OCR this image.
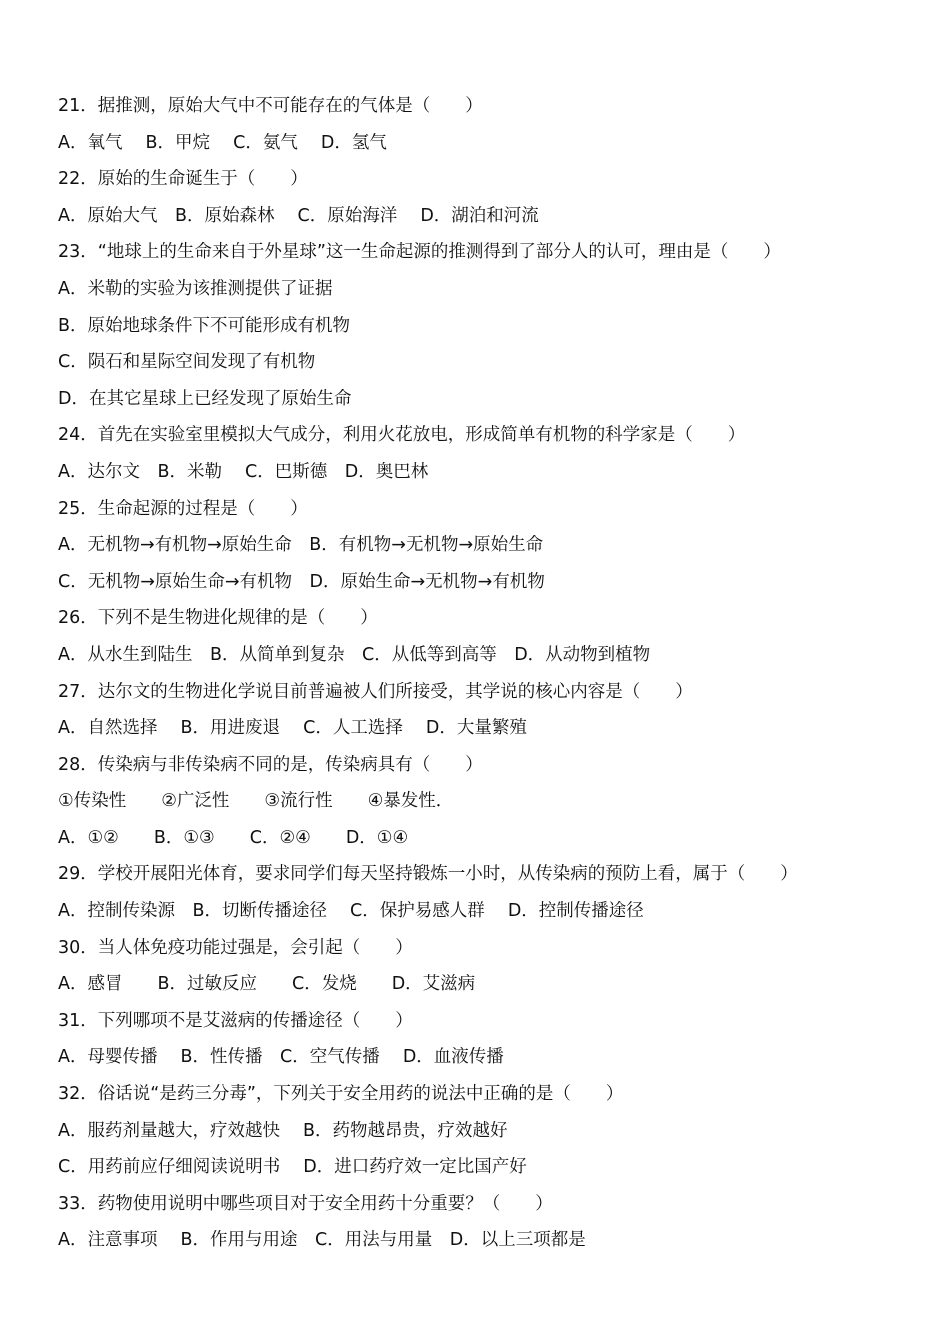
21．据推测，原始大气中不可能存在的气体是（　　）
A．氧气　 B．甲烷　 C．氨气　 D．氢气
22．原始的生命诞生于（　　）
A．原始大气　B．原始森林　 C．原始海洋　 D．湖泊和河流
23．“地球上的生命来自于外星球”这一生命起源的推测得到了部分人的认可，理由是（　　）
A．米勒的实验为该推测提供了证据
B．原始地球条件下不可能形成有机物
C．陨石和星际空间发现了有机物
D．在其它星球上已经发现了原始生命
24．首先在实验室里模拟大气成分，利用火花放电，形成简单有机物的科学家是（　　）
A．达尔文　B．米勒　 C．巴斯德　D．奥巴林
25．生命起源的过程是（　　）
A．无机物→有机物→原始生命　B．有机物→无机物→原始生命
C．无机物→原始生命→有机物　D．原始生命→无机物→有机物
26．下列不是生物进化规律的是（　　）
A．从水生到陆生　B．从简单到复杂　C．从低等到高等　D．从动物到植物
27．达尔文的生物进化学说目前普遍被人们所接受，其学说的核心内容是（　　）
A．自然选择　 B．用进废退　 C．人工选择　 D．大量繁殖
28．传染病与非传染病不同的是，传染病具有（　　）
①传染性　　②广泛性　　③流行性　　④暴发性．
A．①②　　B．①③　　C．②④　　D．①④
29．学校开展阳光体育，要求同学们每天坚持锻炼一小时，从传染病的预防上看，属于（　　）
A．控制传染源　B．切断传播途径　 C．保护易感人群　 D．控制传播途径
30．当人体免疫功能过强是，会引起（　　）
A．感冒　　B．过敏反应　　C．发烧　　D．艾滋病
31．下列哪项不是艾滋病的传播途径（　　）
A．母婴传播　 B．性传播　C．空气传播　 D．血液传播
32．俗话说“是药三分毒”，下列关于安全用药的说法中正确的是（　　）
A．服药剂量越大，疗效越快　 B．药物越昂贵，疗效越好
C．用药前应仔细阅读说明书　 D．进口药疗效一定比国产好
33．药物使用说明中哪些项目对于安全用药十分重要？（　　）
A．注意事项　 B．作用与用途　C．用法与用量　D．以上三项都是
